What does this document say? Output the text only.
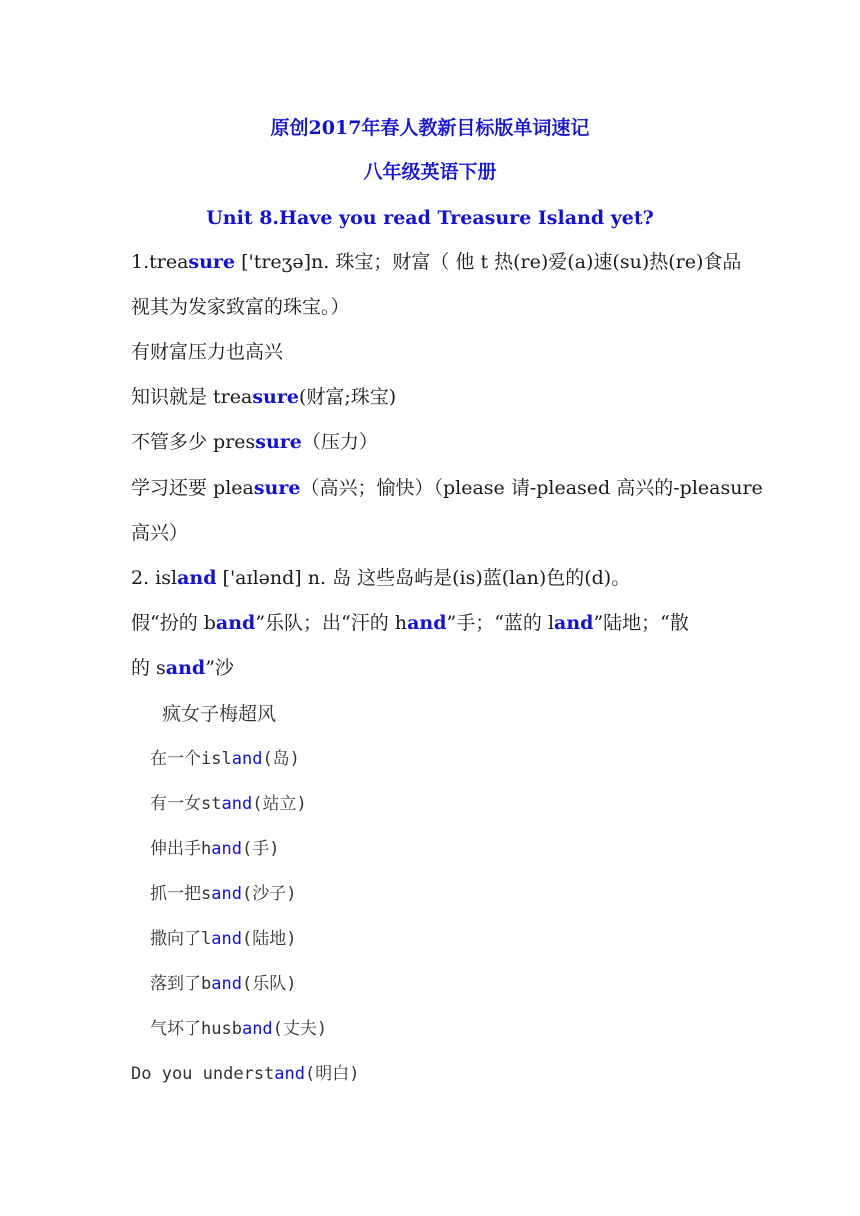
原创2017年春人教新目标版单词速记
八年级英语下册
Unit 8.Have you read Treasure Island yet?
1.treasure ['treʒə]n. 珠宝；财富（ 他 t 热(re)爱(a)速(su)热(re)食品
视其为发家致富的珠宝。）
有财富压力也高兴
知识就是 treasure(财富;珠宝)
不管多少 pressure（压力）
学习还要 pleasure（高兴；愉快）（please 请-pleased 高兴的-pleasure
高兴）
2. island ['aɪlənd] n. 岛 这些岛屿是(is)蓝(lan)色的(d)。
假“扮的 band”乐队；出“汗的 hand”手；“蓝的 land”陆地；“散
的 sand”沙
疯女子梅超风
在一个island(岛)
有一女stand(站立)
伸出手hand(手)
抓一把sand(沙子)
撒向了land(陆地)
落到了band(乐队)
气坏了husband(丈夫)
Do you understand(明白)
